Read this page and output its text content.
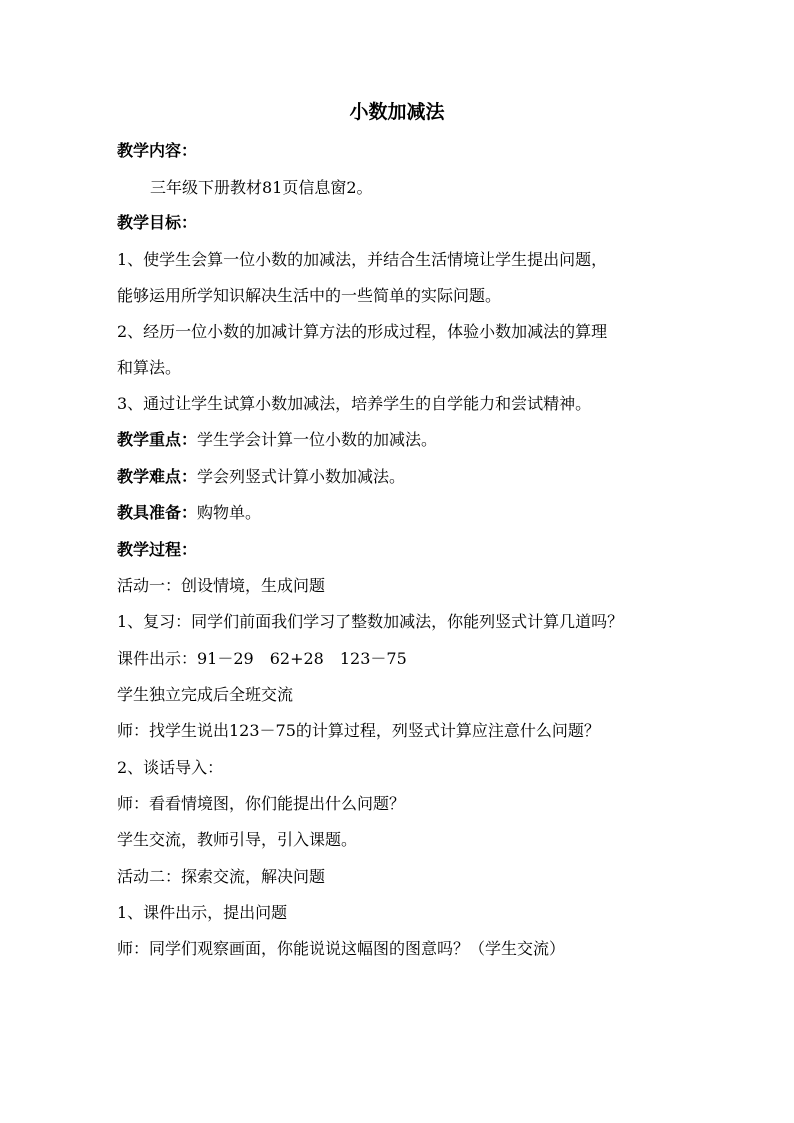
小数加减法
教学内容：
三年级下册教材81页信息窗2。
教学目标：
1、使学生会算一位小数的加减法，并结合生活情境让学生提出问题，
能够运用所学知识解决生活中的一些简单的实际问题。
2、经历一位小数的加减计算方法的形成过程，体验小数加减法的算理
和算法。
3、通过让学生试算小数加减法，培养学生的自学能力和尝试精神。
教学重点：学生学会计算一位小数的加减法。
教学难点：学会列竖式计算小数加减法。
教具准备：购物单。
教学过程：
活动一：创设情境，生成问题
1、复习：同学们前面我们学习了整数加减法，你能列竖式计算几道吗？
课件出示：91－29　62+28　123－75
学生独立完成后全班交流
师：找学生说出123－75的计算过程，列竖式计算应注意什么问题？
2、谈话导入：
师：看看情境图，你们能提出什么问题？
学生交流，教师引导，引入课题。
活动二：探索交流，解决问题
1、课件出示，提出问题
师：同学们观察画面，你能说说这幅图的图意吗？（学生交流）
